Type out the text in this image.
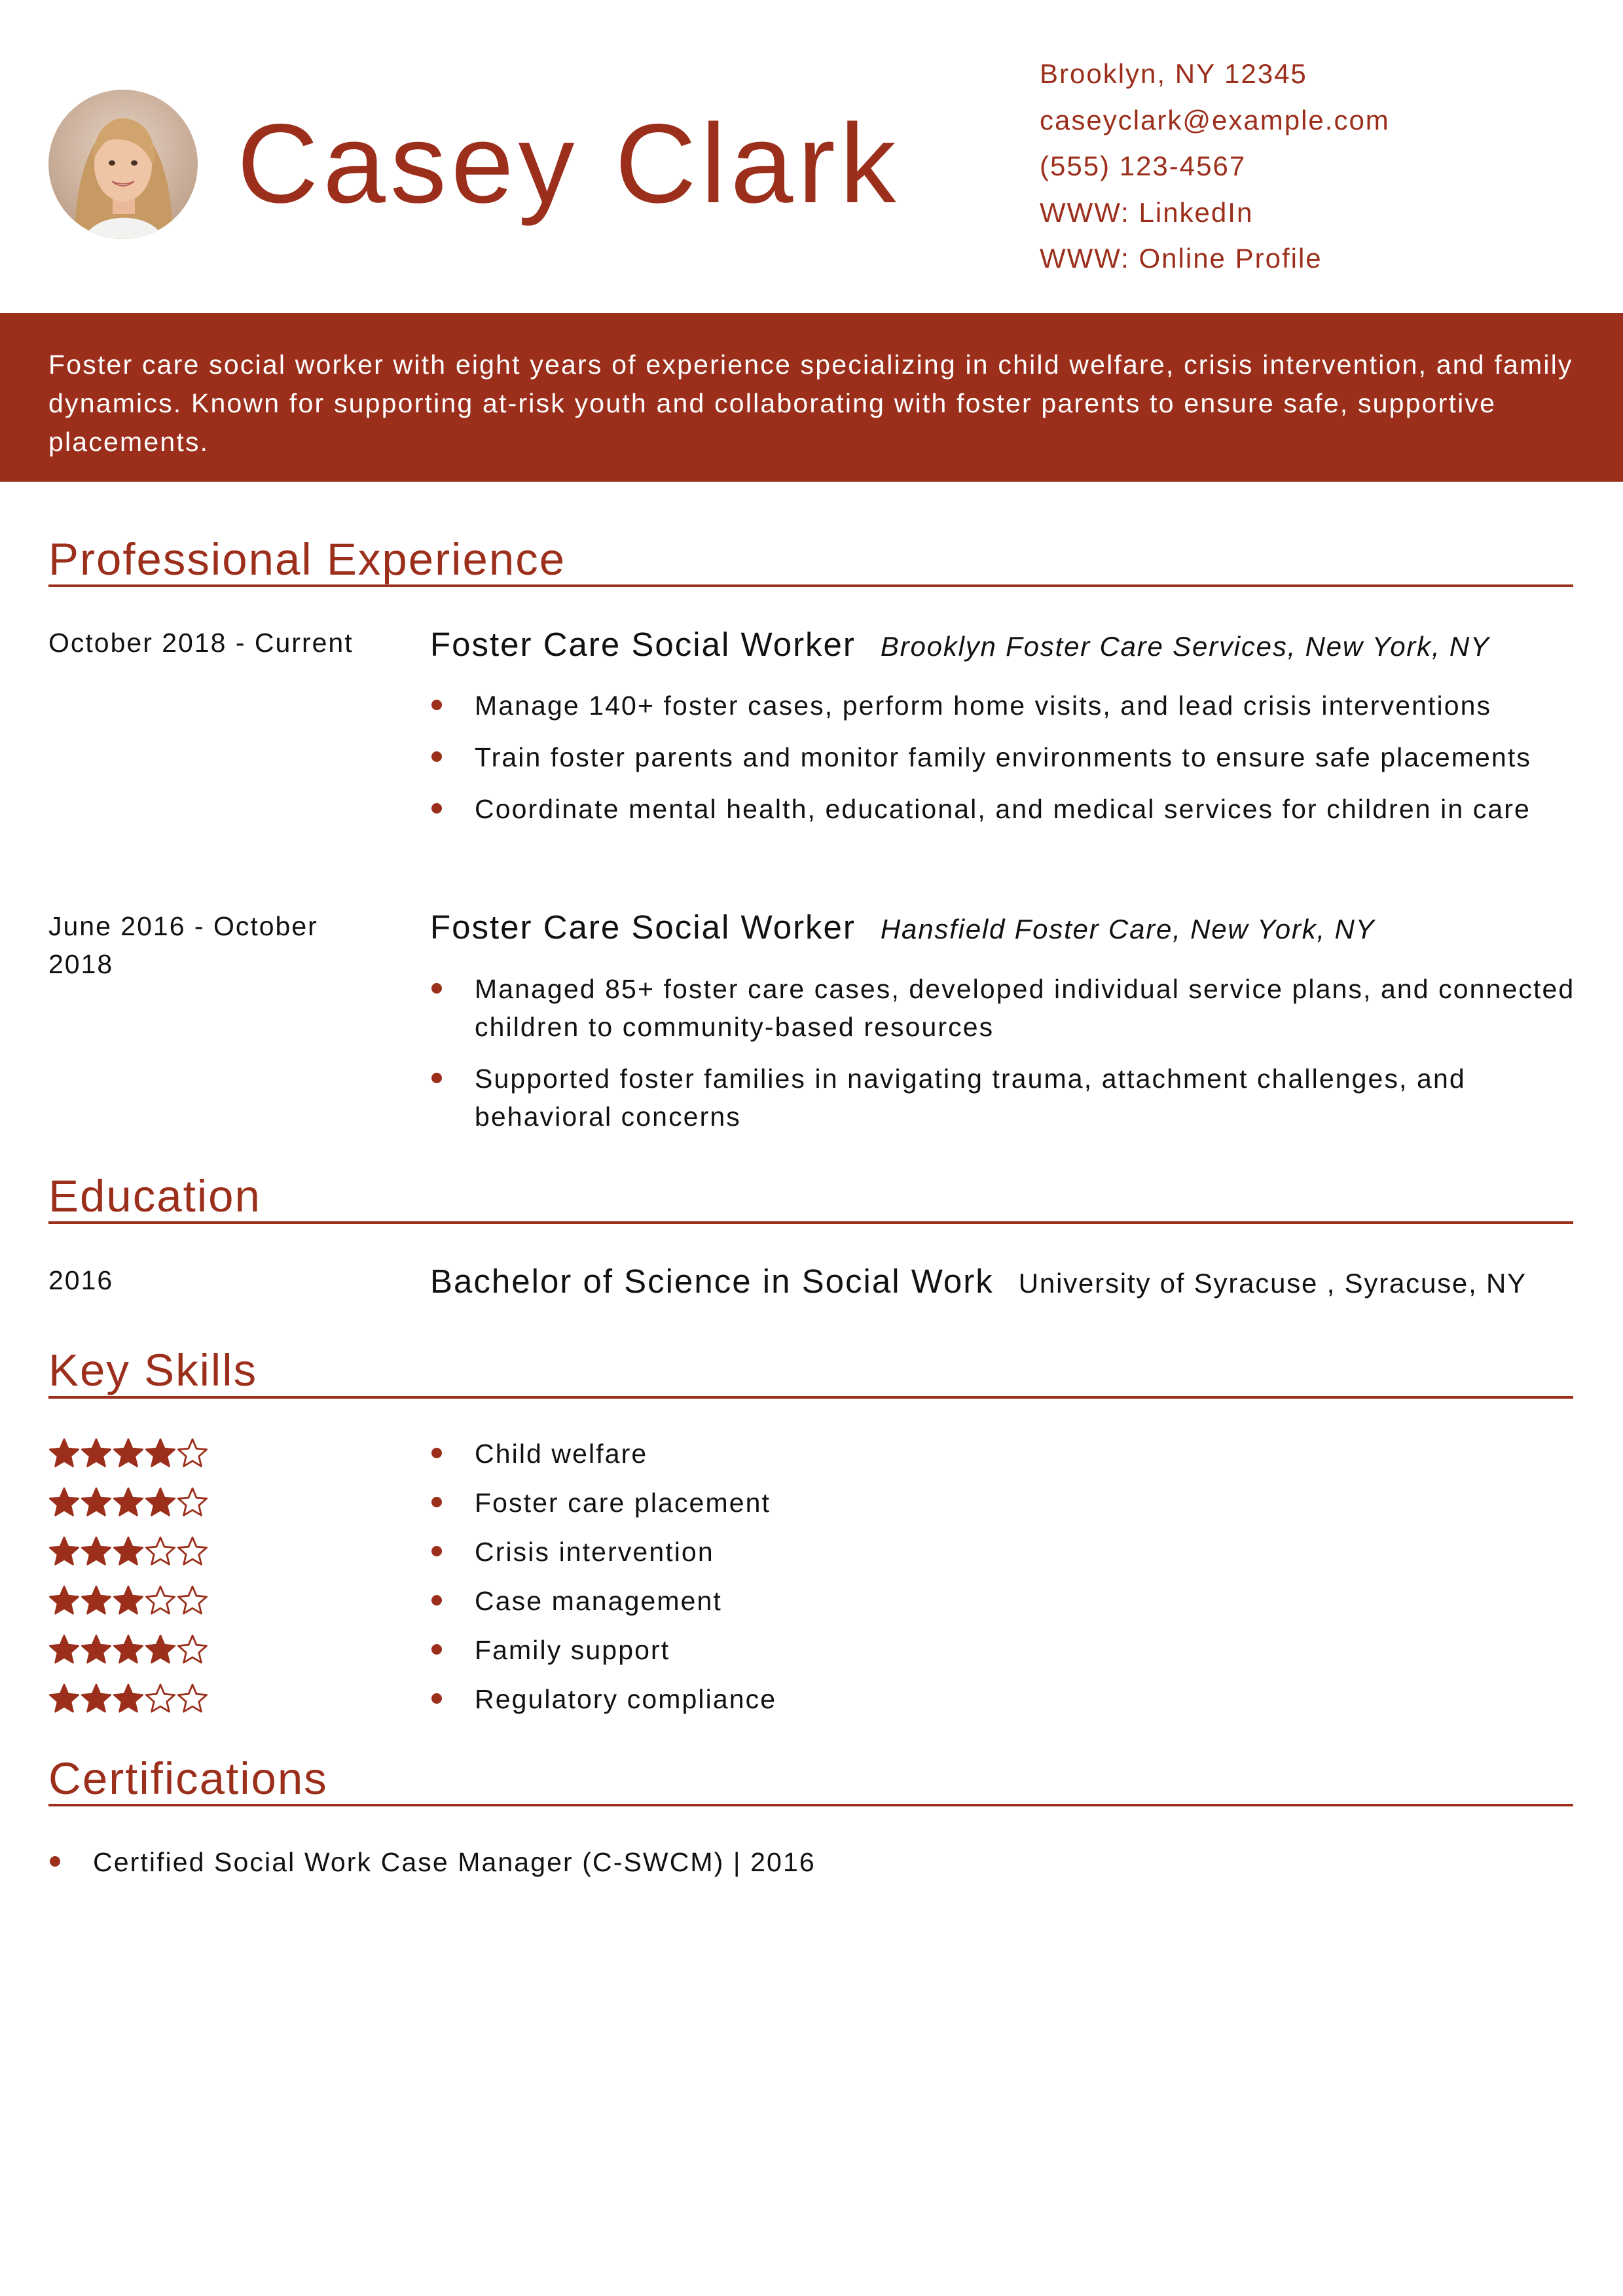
Casey Clark
Brooklyn, NY 12345
caseyclark@example.com
(555) 123-4567
WWW: LinkedIn
WWW: Online Profile

Foster care social worker with eight years of experience specializing in child welfare, crisis intervention, and family dynamics. Known for supporting at-risk youth and collaborating with foster parents to ensure safe, supportive placements.

Professional Experience
October 2018 - Current Foster Care Social Worker Brooklyn Foster Care Services, New York, NY
Manage 140+ foster cases, perform home visits, and lead crisis interventions
Train foster parents and monitor family environments to ensure safe placements
Coordinate mental health, educational, and medical services for children in care
June 2016 - October 2018
Foster Care Social Worker Hansfield Foster Care, New York, NY
Managed 85+ foster care cases, developed individual service plans, and connected children to community-based resources
Supported foster families in navigating trauma, attachment challenges, and behavioral concerns
Education
2016	Bachelor of Science in Social Work University of Syracuse , Syracuse, NY
Key Skills
Child welfare
Foster care placement
Crisis intervention
Case management
Family support
Regulatory compliance
Certifications
Certified Social Work Case Manager (C-SWCM) | 2016
